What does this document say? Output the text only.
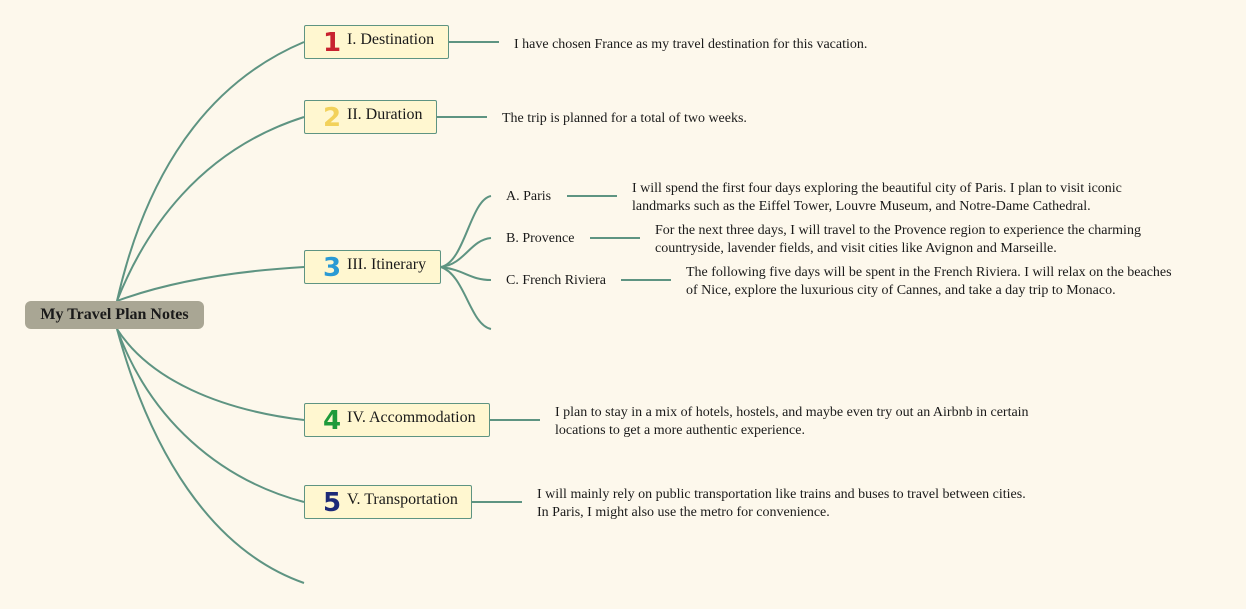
My Travel Plan Notes
1 I. Destination	I have chosen France as my travel destination for this vacation.
2 II. Duration	The trip is planned for a total of two weeks.
3 III. Itinerary
A. Paris
I will spend the first four days exploring the beautiful city of Paris. I plan to visit iconic
landmarks such as the Eiffel Tower, Louvre Museum, and Notre-Dame Cathedral.
B. Provence
For the next three days, I will travel to the Provence region to experience the charming
countryside, lavender fields, and visit cities like Avignon and Marseille.
C. French Riviera
The following five days will be spent in the French Riviera. I will relax on the beaches
of Nice, explore the luxurious city of Cannes, and take a day trip to Monaco.
4 IV. Accommodation	I plan to stay in a mix of hotels, hostels, and maybe even try out an Airbnb in certain
locations to get a more authentic experience.
5 V. Transportation	I will mainly rely on public transportation like trains and buses to travel between cities.
In Paris, I might also use the metro for convenience.
